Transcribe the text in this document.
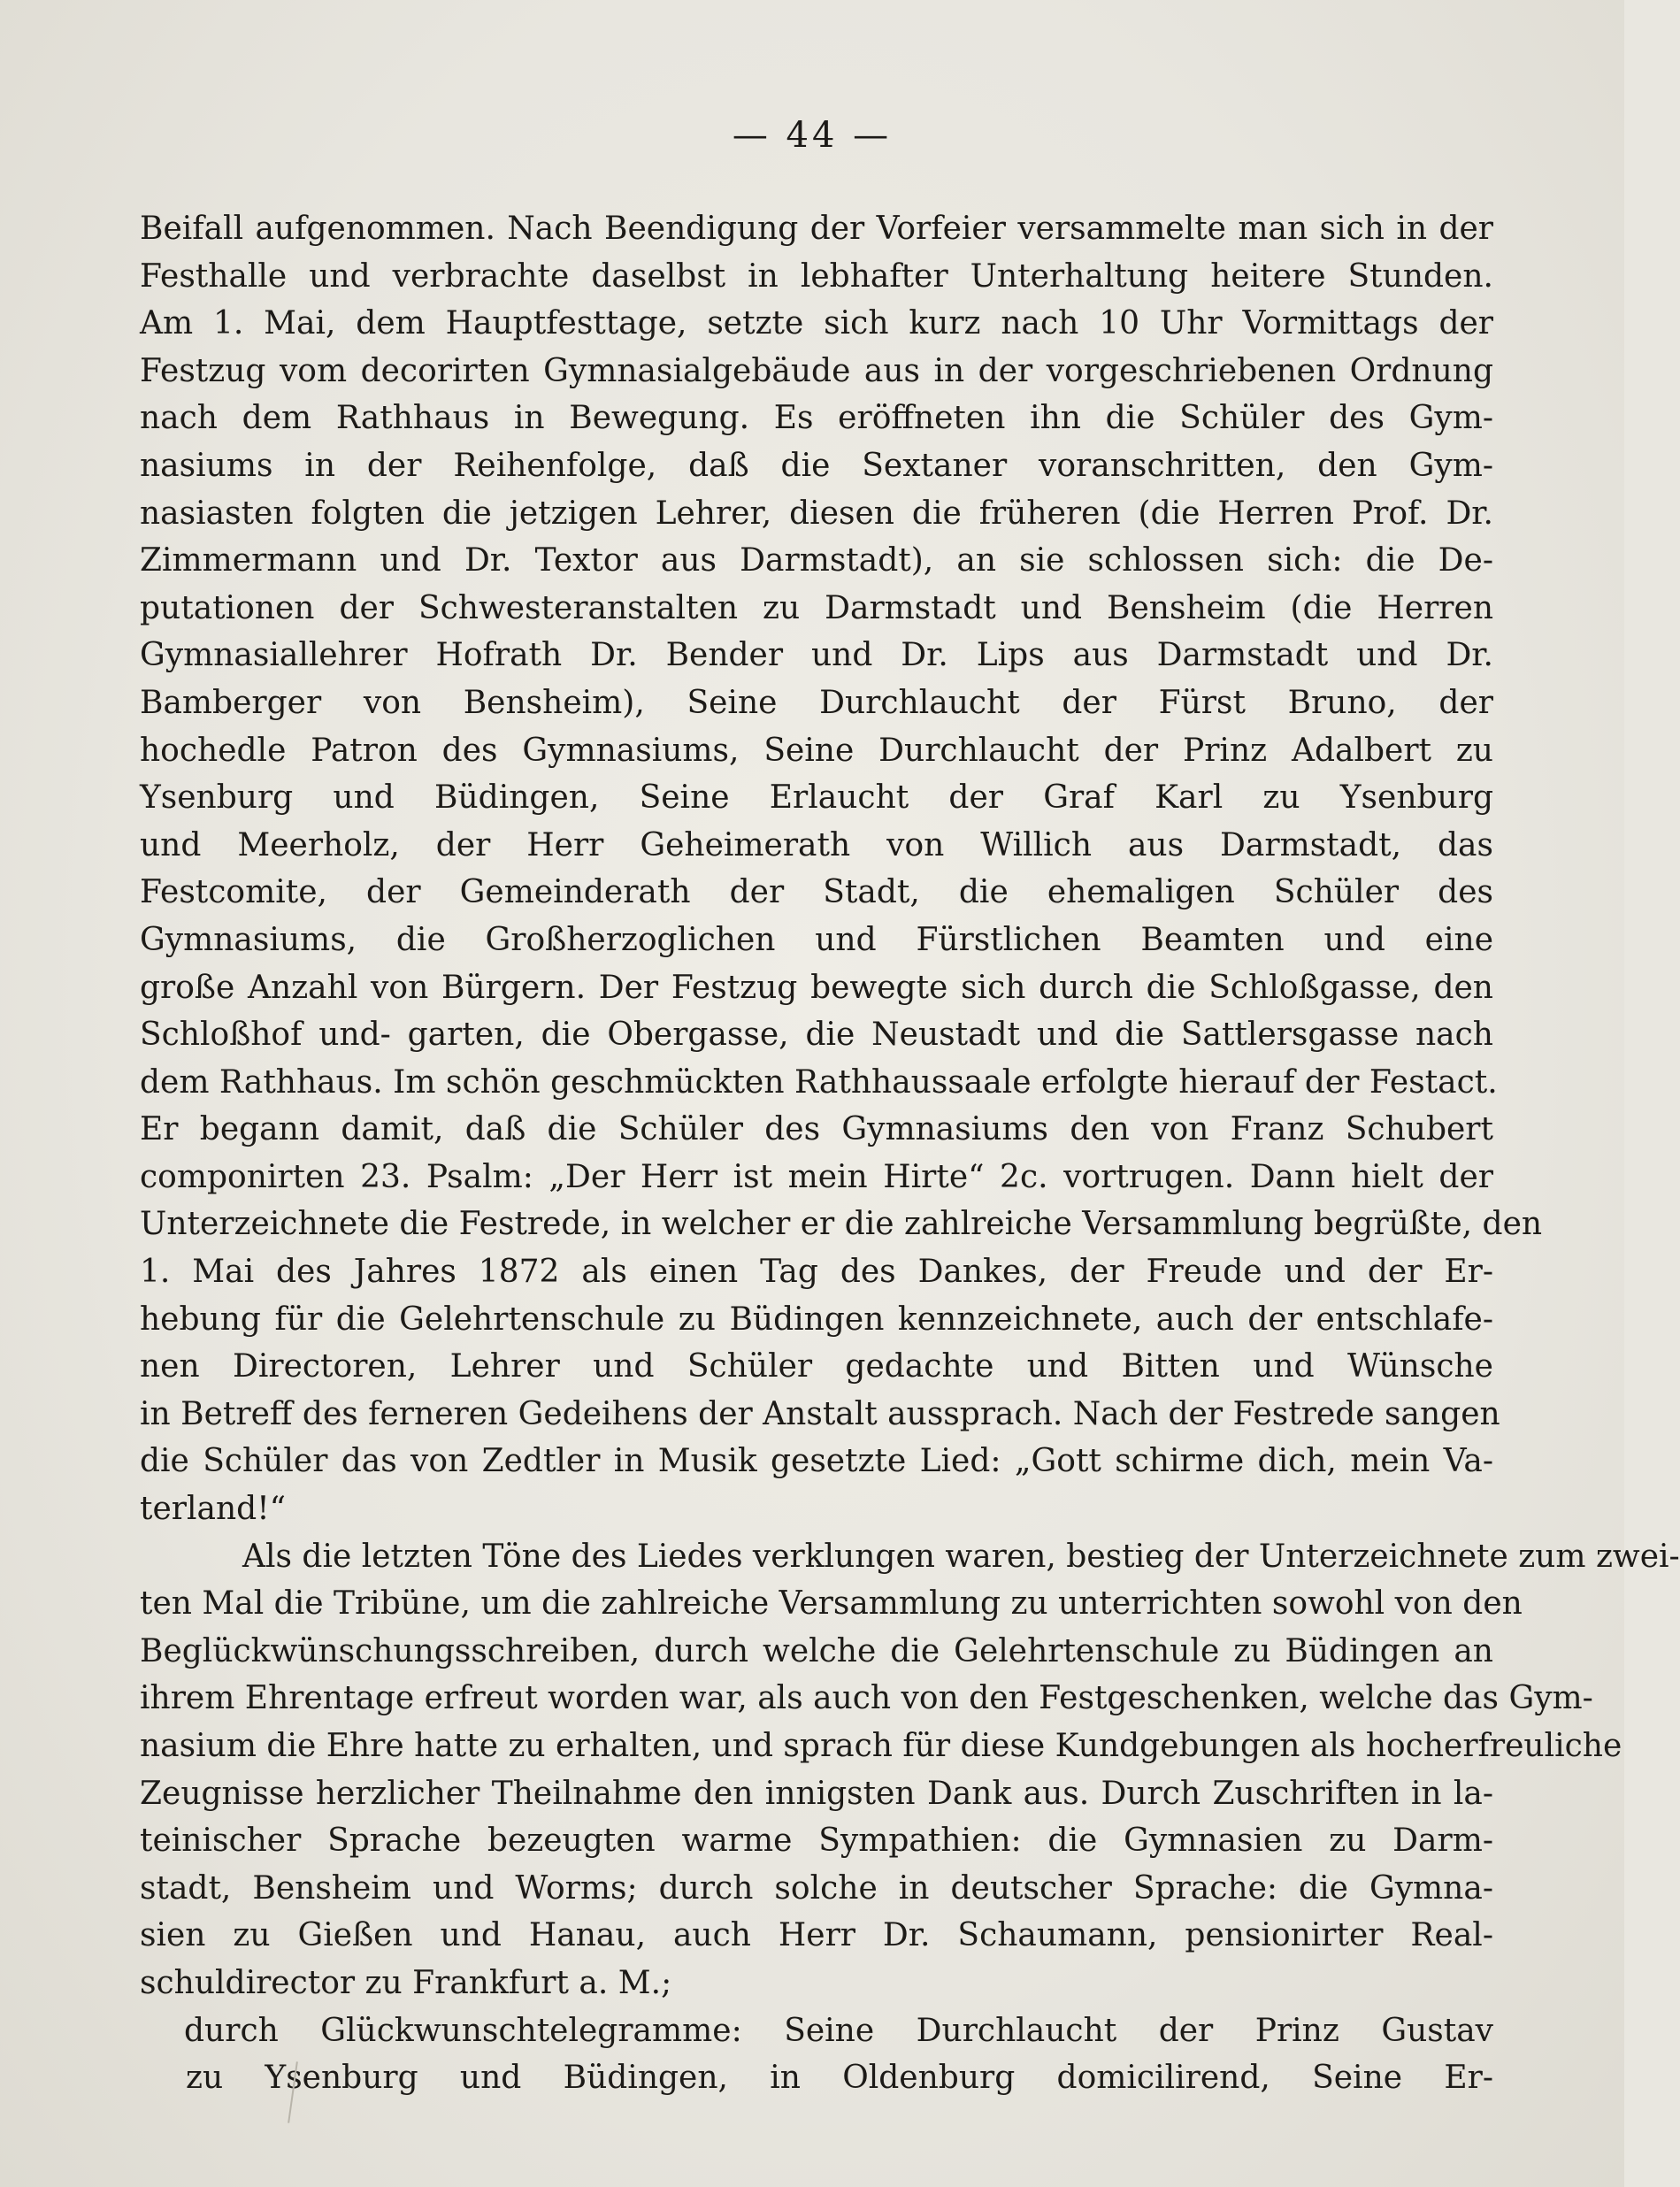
— 44 —
Beifall aufgenommen. Nach Beendigung der Vorfeier versammelte man sich in der
Festhalle und verbrachte daselbst in lebhafter Unterhaltung heitere Stunden.
Am 1. Mai, dem Hauptfesttage, setzte sich kurz nach 10 Uhr Vormittags der
Festzug vom decorirten Gymnasialgebäude aus in der vorgeschriebenen Ordnung
nach dem Rathhaus in Bewegung. Es eröffneten ihn die Schüler des Gym-
nasiums in der Reihenfolge, daß die Sextaner voranschritten, den Gym-
nasiasten folgten die jetzigen Lehrer, diesen die früheren (die Herren Prof. Dr.
Zimmermann und Dr. Textor aus Darmstadt), an sie schlossen sich: die De-
putationen der Schwesteranstalten zu Darmstadt und Bensheim (die Herren
Gymnasiallehrer Hofrath Dr. Bender und Dr. Lips aus Darmstadt und Dr.
Bamberger von Bensheim), Seine Durchlaucht der Fürst Bruno, der
hochedle Patron des Gymnasiums, Seine Durchlaucht der Prinz Adalbert zu
Ysenburg und Büdingen, Seine Erlaucht der Graf Karl zu Ysenburg
und Meerholz, der Herr Geheimerath von Willich aus Darmstadt, das
Festcomite, der Gemeinderath der Stadt, die ehemaligen Schüler des
Gymnasiums, die Großherzoglichen und Fürstlichen Beamten und eine
große Anzahl von Bürgern. Der Festzug bewegte sich durch die Schloßgasse, den
Schloßhof und- garten, die Obergasse, die Neustadt und die Sattlersgasse nach
dem Rathhaus. Im schön geschmückten Rathhaussaale erfolgte hierauf der Festact.
Er begann damit, daß die Schüler des Gymnasiums den von Franz Schubert
componirten 23. Psalm: „Der Herr ist mein Hirte“ 2c. vortrugen. Dann hielt der
Unterzeichnete die Festrede, in welcher er die zahlreiche Versammlung begrüßte, den
1. Mai des Jahres 1872 als einen Tag des Dankes, der Freude und der Er-
hebung für die Gelehrtenschule zu Büdingen kennzeichnete, auch der entschlafe-
nen Directoren, Lehrer und Schüler gedachte und Bitten und Wünsche
in Betreff des ferneren Gedeihens der Anstalt aussprach. Nach der Festrede sangen
die Schüler das von Zedtler in Musik gesetzte Lied: „Gott schirme dich, mein Va-
terland!“
Als die letzten Töne des Liedes verklungen waren, bestieg der Unterzeichnete zum zwei-
ten Mal die Tribüne, um die zahlreiche Versammlung zu unterrichten sowohl von den
Beglückwünschungsschreiben, durch welche die Gelehrtenschule zu Büdingen an
ihrem Ehrentage erfreut worden war, als auch von den Festgeschenken, welche das Gym-
nasium die Ehre hatte zu erhalten, und sprach für diese Kundgebungen als hocherfreuliche
Zeugnisse herzlicher Theilnahme den innigsten Dank aus. Durch Zuschriften in la-
teinischer Sprache bezeugten warme Sympathien: die Gymnasien zu Darm-
stadt, Bensheim und Worms; durch solche in deutscher Sprache: die Gymna-
sien zu Gießen und Hanau, auch Herr Dr. Schaumann, pensionirter Real-
schuldirector zu Frankfurt a. M.;
durch Glückwunschtelegramme: Seine Durchlaucht der Prinz Gustav
zu Ysenburg und Büdingen, in Oldenburg domicilirend, Seine Er-
